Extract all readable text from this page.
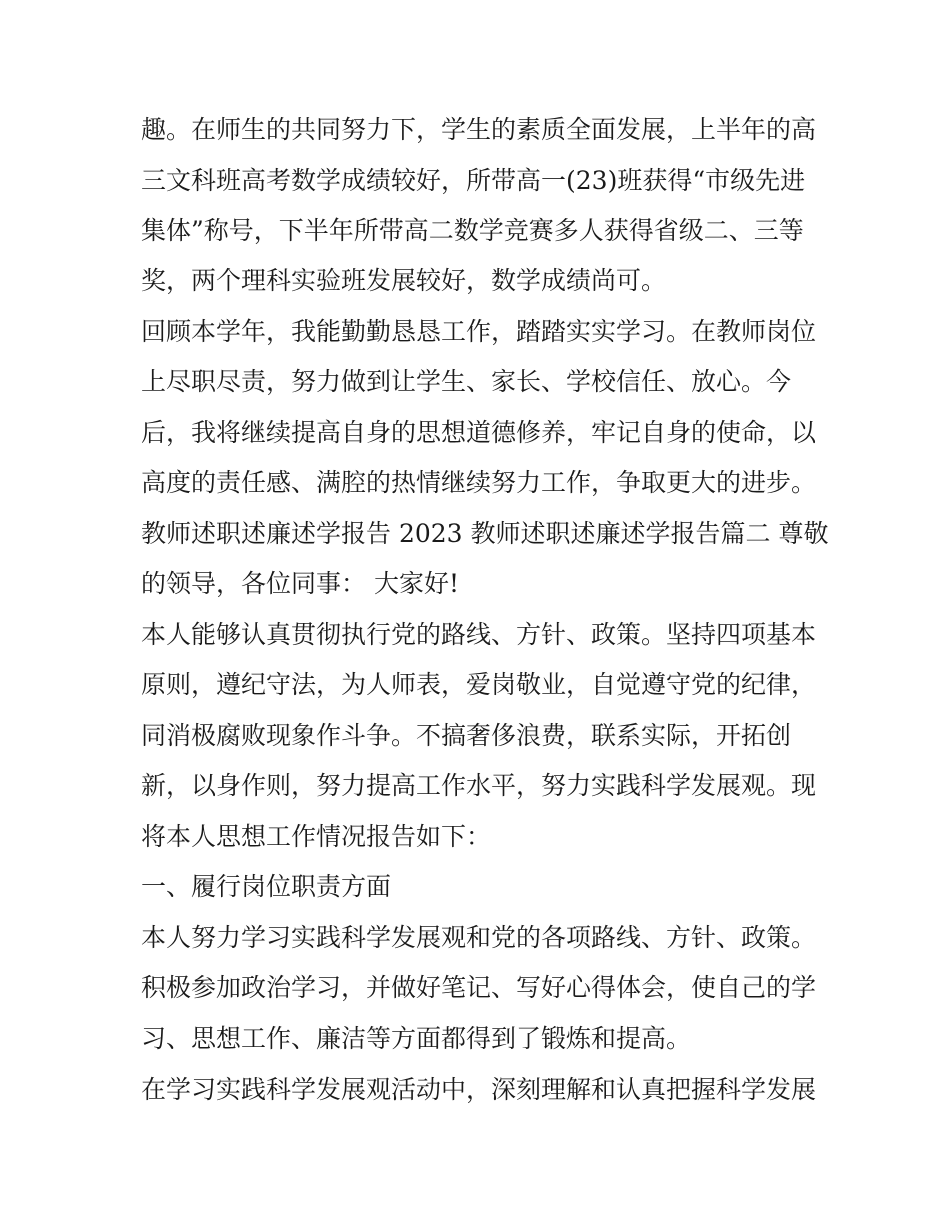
趣。在师生的共同努力下，学生的素质全面发展，上半年的高
三文科班高考数学成绩较好，所带高一(23)班获得“市级先进
集体”称号，下半年所带高二数学竞赛多人获得省级二、三等
奖，两个理科实验班发展较好，数学成绩尚可。
回顾本学年，我能勤勤恳恳工作，踏踏实实学习。在教师岗位
上尽职尽责，努力做到让学生、家长、学校信任、放心。今
后，我将继续提高自身的思想道德修养，牢记自身的使命，以
高度的责任感、满腔的热情继续努力工作，争取更大的进步。
教师述职述廉述学报告 2023 教师述职述廉述学报告篇二 尊敬
的领导，各位同事： 大家好!
本人能够认真贯彻执行党的路线、方针、政策。坚持四项基本
原则，遵纪守法，为人师表，爱岗敬业，自觉遵守党的纪律，
同消极腐败现象作斗争。不搞奢侈浪费，联系实际，开拓创
新，以身作则，努力提高工作水平，努力实践科学发展观。现
将本人思想工作情况报告如下：
一、履行岗位职责方面
本人努力学习实践科学发展观和党的各项路线、方针、政策。
积极参加政治学习，并做好笔记、写好心得体会，使自己的学
习、思想工作、廉洁等方面都得到了锻炼和提高。
在学习实践科学发展观活动中，深刻理解和认真把握科学发展
